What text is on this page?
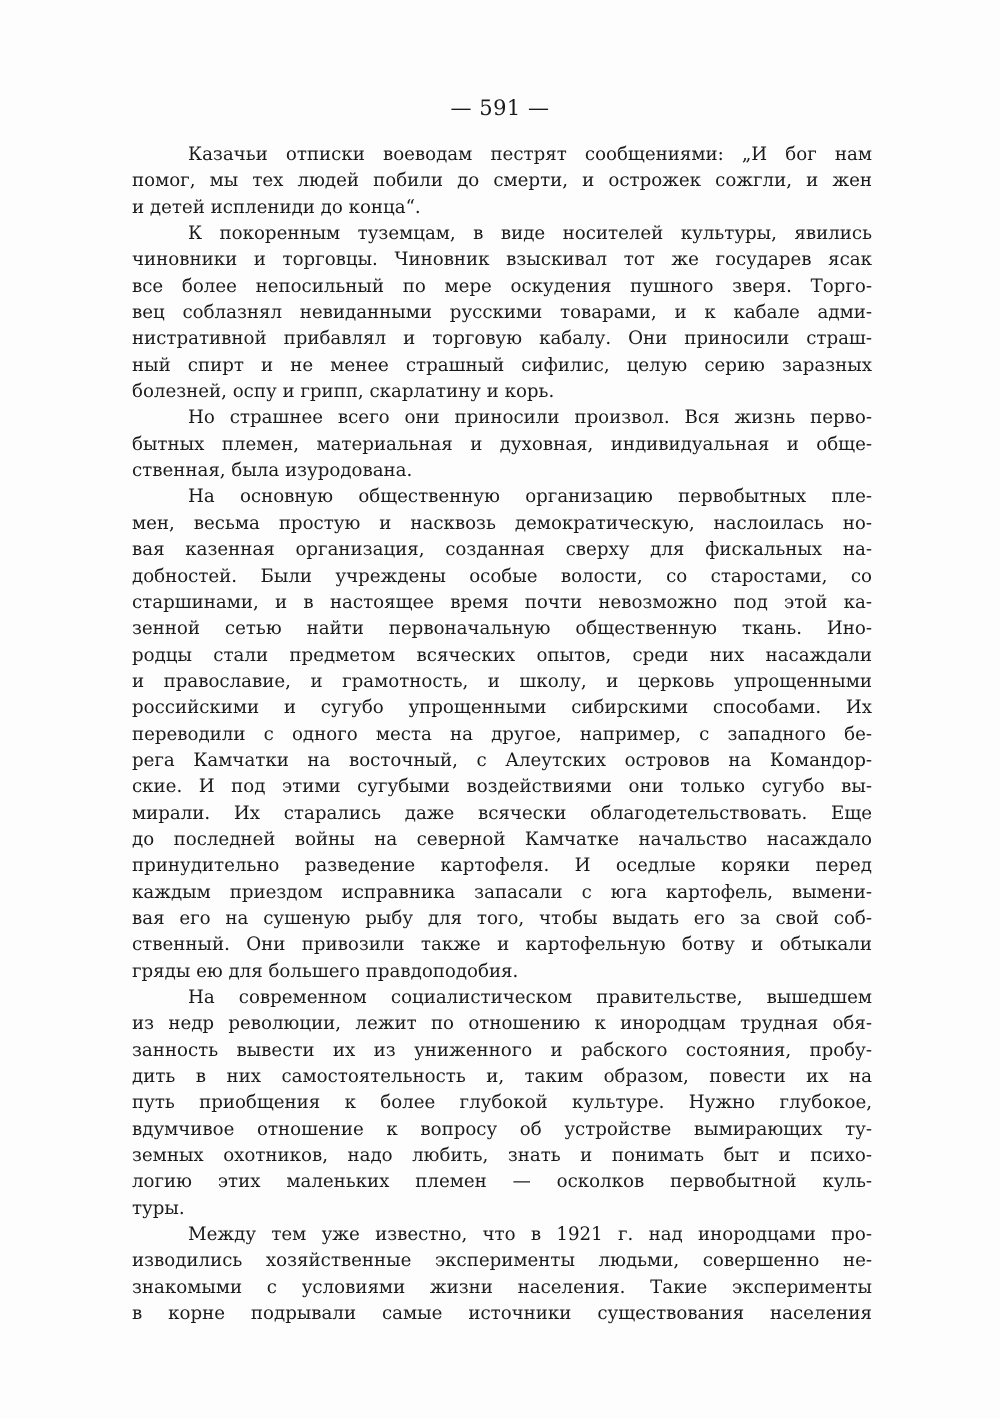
— 591 —
Казачьи отписки воеводам пестрят сообщениями: „И бог нам
помог, мы тех людей побили до смерти, и острожек сожгли, и жен
и детей исплениди до конца“.
К покоренным туземцам, в виде носителей культуры, явились
чиновники и торговцы. Чиновник взыскивал тот же государев ясак
все более непосильный по мере оскудения пушного зверя. Торго-
вец соблазнял невиданными русскими товарами, и к кабале адми-
нистративной прибавлял и торговую кабалу. Они приносили страш-
ный спирт и не менее страшный сифилис, целую серию заразных
болезней, оспу и грипп, скарлатину и корь.
Но страшнее всего они приносили произвол. Вся жизнь перво-
бытных племен, материальная и духовная, индивидуальная и обще-
ственная, была изуродована.
На основную общественную организацию первобытных пле-
мен, весьма простую и насквозь демократическую, наслоилась но-
вая казенная организация, созданная сверху для фискальных на-
добностей. Были учреждены особые волости, со старостами, со
старшинами, и в настоящее время почти невозможно под этой ка-
зенной сетью найти первоначальную общественную ткань. Ино-
родцы стали предметом всяческих опытов, среди них насаждали
и православие, и грамотность, и школу, и церковь упрощенными
российскими и сугубо упрощенными сибирскими способами. Их
переводили с одного места на другое, например, с западного бе-
рега Камчатки на восточный, с Алеутских островов на Командор-
ские. И под этими сугубыми воздействиями они только сугубо вы-
мирали. Их старались даже всячески облагодетельствовать. Еще
до последней войны на северной Камчатке начальство насаждало
принудительно разведение картофеля. И оседлые коряки перед
каждым приездом исправника запасали с юга картофель, вымени-
вая его на сушеную рыбу для того, чтобы выдать его за свой соб-
ственный. Они привозили также и картофельную ботву и обтыкали
гряды ею для большего правдоподобия.
На современном социалистическом правительстве, вышедшем
из недр революции, лежит по отношению к инородцам трудная обя-
занность вывести их из униженного и рабского состояния, пробу-
дить в них самостоятельность и, таким образом, повести их на
путь приобщения к более глубокой культуре. Нужно глубокое,
вдумчивое отношение к вопросу об устройстве вымирающих ту-
земных охотников, надо любить, знать и понимать быт и психо-
логию этих маленьких племен — осколков первобытной куль-
туры.
Между тем уже известно, что в 1921 г. над инородцами про-
изводились хозяйственные эксперименты людьми, совершенно не-
знакомыми с условиями жизни населения. Такие эксперименты
в корне подрывали самые источники существования населения
